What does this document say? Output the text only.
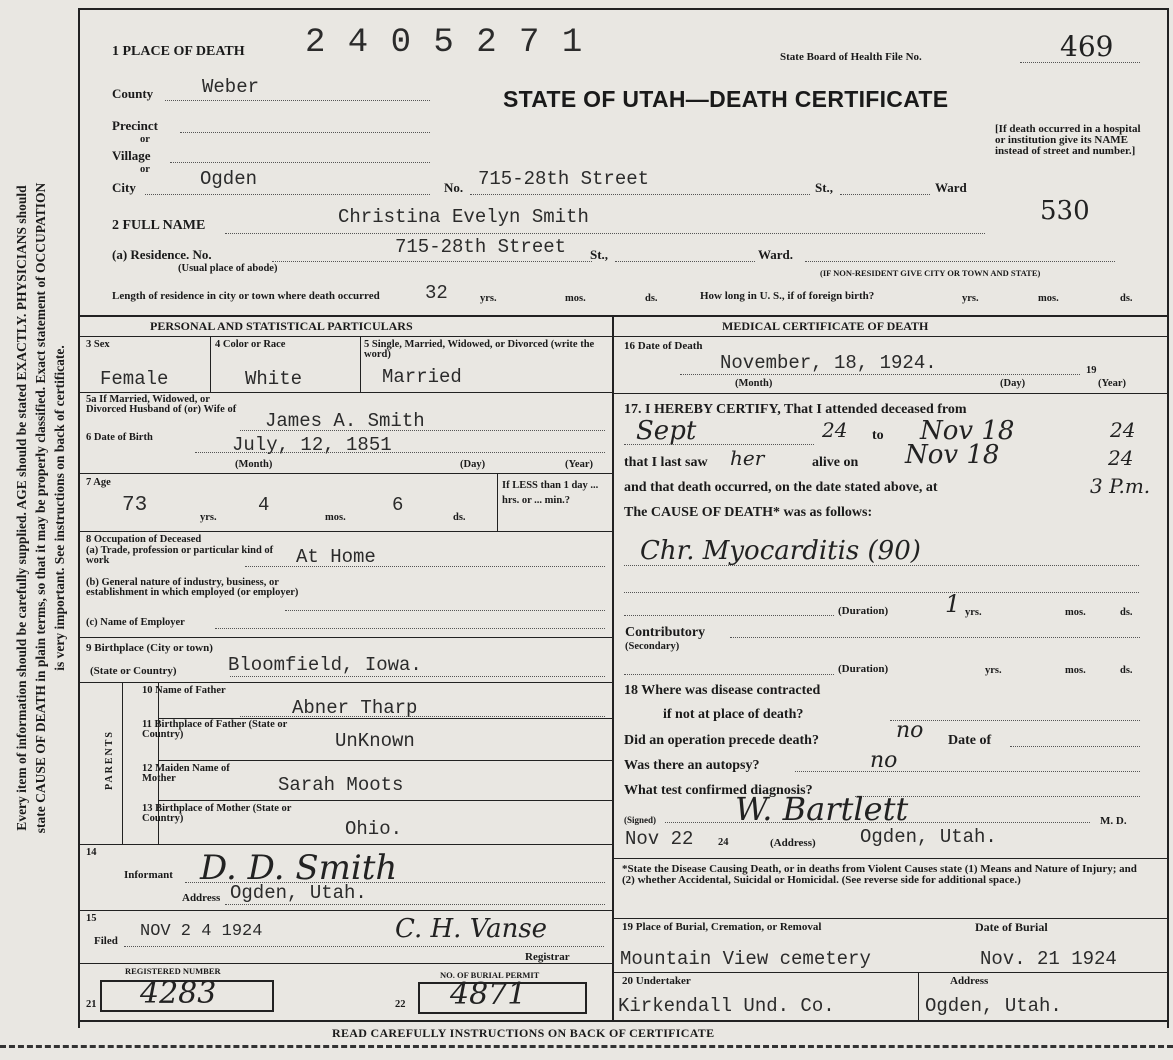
Every item of information should be carefully supplied. AGE should be stated EXACTLY. PHYSICIANS should state CAUSE OF DEATH in plain terms, so that it may be properly classified. Exact statement of OCCUPATION is very important. See instructions on back of certificate.
1 PLACE OF DEATH 2 4 0 5 2 7 1	State Board of Health File No.	469
STATE OF UTAH—DEATH CERTIFICATE
[If death occurred in a hospital or institution give its NAME instead of street and number.]
530
County	Weber
Precinct
or
Village
or
City	Ogden	No. 715-28th Street	St.,	Ward
2 FULL NAME	Christina Evelyn Smith
(a) Residence. No.
(Usual place of abode)
715-28th Street St.,	Ward.
(IF NON-RESIDENT GIVE CITY OR TOWN AND STATE)
Length of residence in city or town where death occurred 32	yrs.	mos.	ds.	How long in U. S., if of foreign birth?	yrs.	mos.	ds.
PERSONAL AND STATISTICAL PARTICULARS
3 Sex	4 Color or Race	5 Single, Married, Widowed, or Divorced (write the word)
Female	White	Married
5a If Married, Widowed, or Divorced Husband of (or) Wife of
James A. Smith
6 Date of Birth	July, 12, 1851
(Month)	(Day)	(Year)
7 Age
73
yrs.
4
mos.
6
ds.
If LESS than 1 day ... hrs. or ... min.?
8 Occupation of Deceased
(a) Trade, profession or particular kind of work	At Home
(b) General nature of industry, business, or establishment in which employed (or employer)
(c) Name of Employer
9 Birthplace (City or town)
(State or Country)	Bloomfield, Iowa.
PARENTS
10 Name of Father
Abner Tharp
11 Birthplace of Father (State or Country)	UnKnown
12 Maiden Name of Mother	Sarah Moots
13 Birthplace of Mother (State or Country)	Ohio.
14
Informant D. D. Smith
Address Ogden, Utah.
15
Filed NOV 2 4 1924	C. H. Vanse
Registrar
REGISTERED NUMBER	NO. OF BURIAL PERMIT
21 4283	22 4871
MEDICAL CERTIFICATE OF DEATH
16 Date of Death
November, 18, 1924.	19
(Month)	(Day)	(Year)
17. I HEREBY CERTIFY, That I attended deceased from
Sept	24 to Nov 18	24
that I last saw her	alive on Nov 18	24
and that death occurred, on the date stated above, at	3 P.m.
The CAUSE OF DEATH* was as follows:
Chr. Myocarditis (90)
(Duration) 1 yrs.	mos.	ds.
Contributory
(Secondary)
(Duration)	yrs.	mos.	ds.
18 Where was disease contracted
if not at place of death?
Did an operation precede death?	no Date of
Was there an autopsy?	no
What test confirmed diagnosis?
(Signed) W. Bartlett	M. D.
Nov 22 24	(Address) Ogden, Utah.
*State the Disease Causing Death, or in deaths from Violent Causes state (1) Means and Nature of Injury; and (2) whether Accidental, Suicidal or Homicidal. (See reverse side for additional space.)
19 Place of Burial, Cremation, or Removal	Date of Burial
Mountain View cemetery	Nov. 21 1924
20 Undertaker	Address
Kirkendall Und. Co.	Ogden, Utah.
READ CAREFULLY INSTRUCTIONS ON BACK OF CERTIFICATE
